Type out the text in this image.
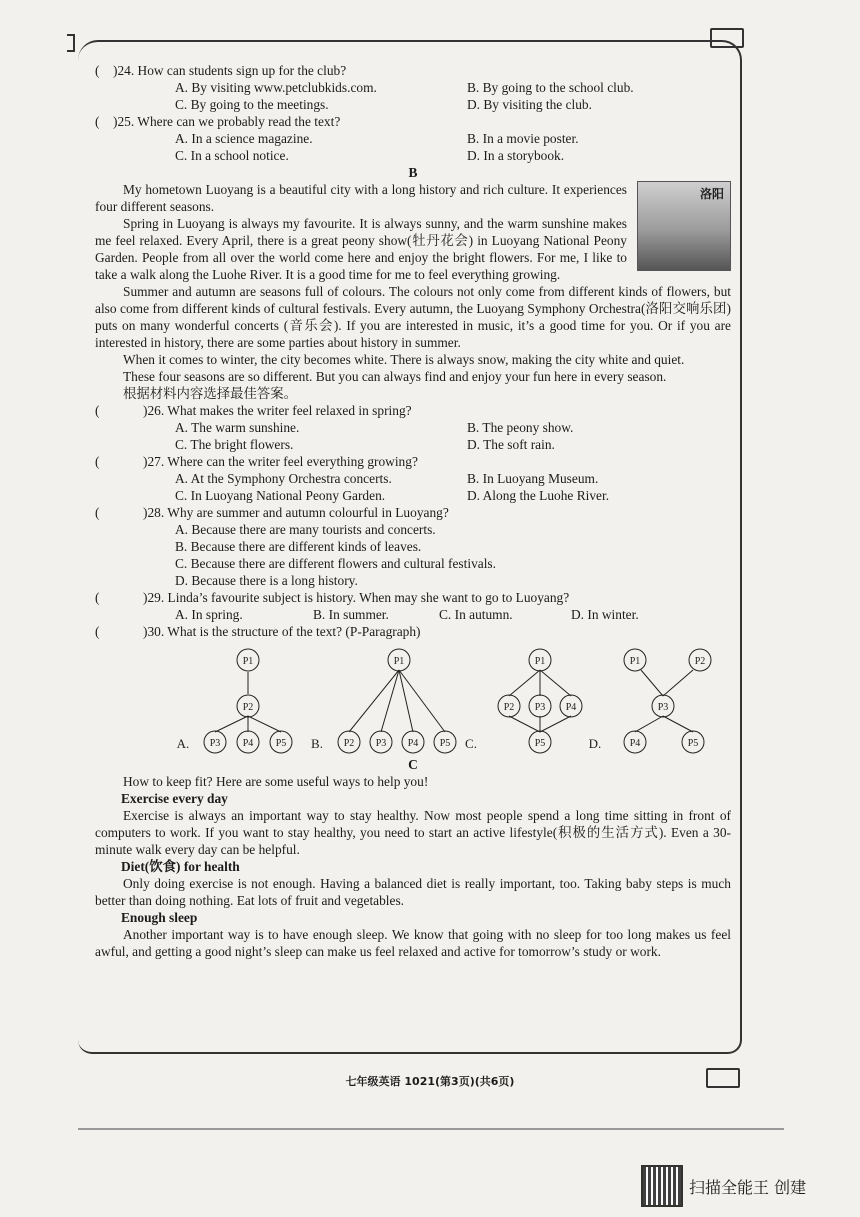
(	)24. How can students sign up for the club?
A. By visiting www.petclubkids.com.	B. By going to the school club.
C. By going to the meetings.	D. By visiting the club.
(	)25. Where can we probably read the text?
A. In a science magazine.	B. In a movie poster.
C. In a school notice.	D. In a storybook.
B
洛阳

My hometown Luoyang is a beautiful city with a long history and rich culture. It experiences four different seasons.

Spring in Luoyang is always my favourite. It is always sunny, and the warm sunshine makes me feel relaxed. Every April, there is a great peony show(牡丹花会) in Luoyang National Peony Garden. People from all over the world come here and enjoy the bright flowers. For me, I like to take a walk along the Luohe River. It is a good time for me to feel everything growing.

Summer and autumn are seasons full of colours. The colours not only come from different kinds of flowers, but also come from different kinds of cultural festivals. Every autumn, the Luoyang Symphony Orchestra(洛阳交响乐团) puts on many wonderful concerts (音乐会). If you are interested in music, it’s a good time for you. Or if you are interested in history, there are some parties about history in summer.

When it comes to winter, the city becomes white. There is always snow, making the city white and quiet.

These four seasons are so different. But you can always find and enjoy your fun here in every season.

根据材料内容选择最佳答案。
(	)26. What makes the writer feel relaxed in spring?
A. The warm sunshine.	B. The peony show.
C. The bright flowers.	D. The soft rain.
(	)27. Where can the writer feel everything growing?
A. At the Symphony Orchestra concerts.	B. In Luoyang Museum.
C. In Luoyang National Peony Garden.	D. Along the Luohe River.
(	)28. Why are summer and autumn colourful in Luoyang?
A. Because there are many tourists and concerts.
B. Because there are different kinds of leaves.
C. Because there are different flowers and cultural festivals.
D. Because there is a long history.
(	)29. Linda’s favourite subject is history. When may she want to go to Luoyang?
A. In spring.	B. In summer.	C. In autumn.	D. In winter.
(	)30. What is the structure of the text? (P-Paragraph)
P1
P2
P3 P4 P5
A.
P1
P2 P3 P4 P5
B.
P1
P2 P3 P4
P5
C.
P1	P2
P3
P4	P5
D.
C

How to keep fit? Here are some useful ways to help you!

Exercise every day

Exercise is always an important way to stay healthy. Now most people spend a long time sitting in front of computers to work. If you want to stay healthy, you need to start an active lifestyle(积极的生活方式). Even a 30-minute walk every day can be helpful.

Diet(饮食) for health

Only doing exercise is not enough. Having a balanced diet is really important, too. Taking baby steps is much better than doing nothing. Eat lots of fruit and vegetables.

Enough sleep

Another important way is to have enough sleep. We know that going with no sleep for too long makes us feel awful, and getting a good night’s sleep can make us feel relaxed and active for tomorrow’s study or work.

七年级英语 1021(第3页)(共6页)
扫描全能王 创建
